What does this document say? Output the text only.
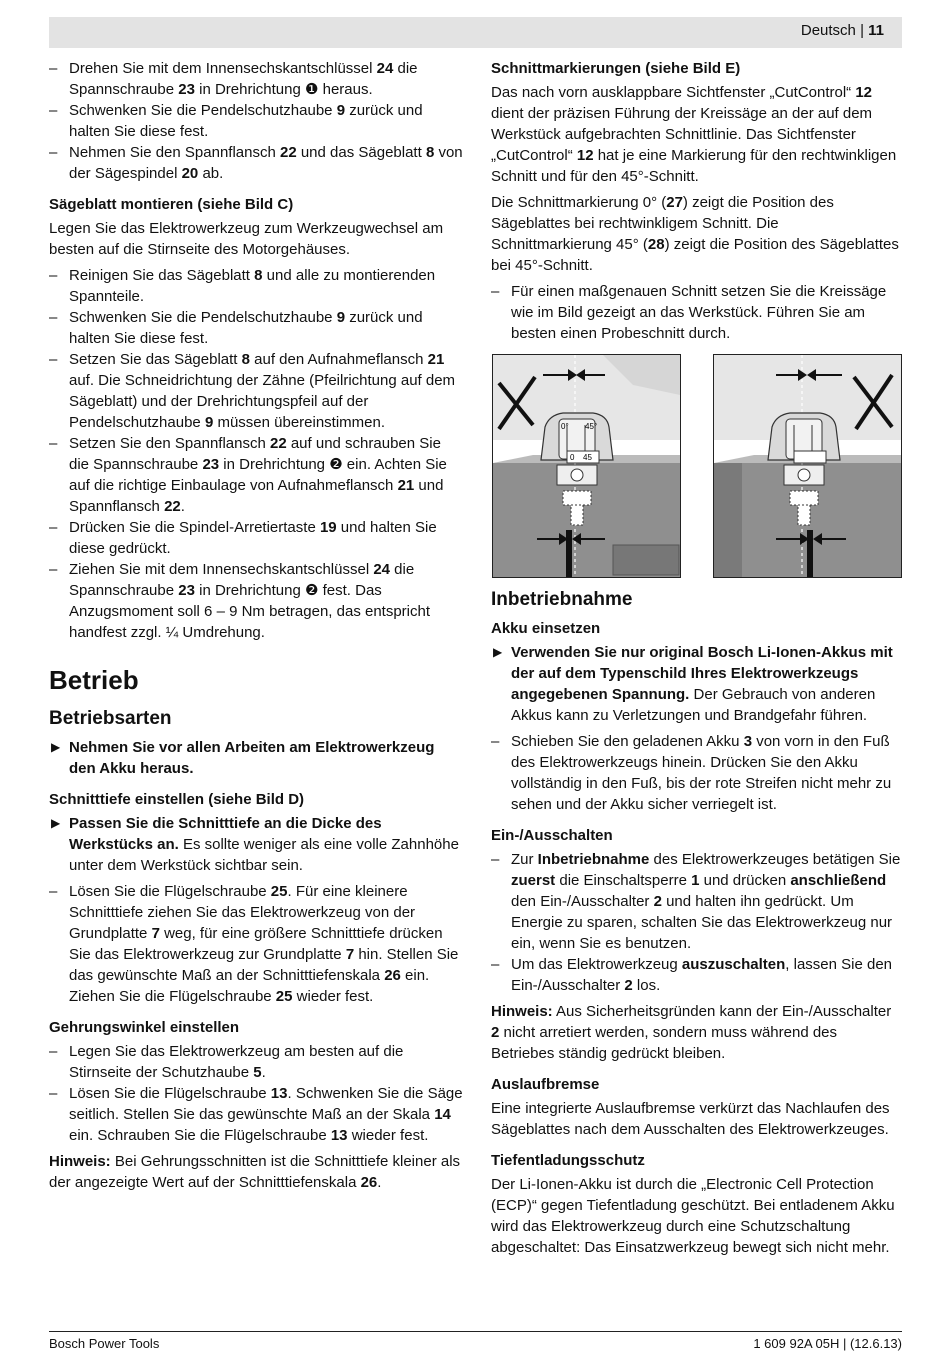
Deutsch | 11
– Drehen Sie mit dem Innensechskantschlüssel 24 die Spannschraube 23 in Drehrichtung ❶ heraus.
– Schwenken Sie die Pendelschutzhaube 9 zurück und halten Sie diese fest.
– Nehmen Sie den Spannflansch 22 und das Sägeblatt 8 von der Sägespindel 20 ab.
Sägeblatt montieren (siehe Bild C)

Legen Sie das Elektrowerkzeug zum Werkzeugwechsel am besten auf die Stirnseite des Motorgehäuses.

– Reinigen Sie das Sägeblatt 8 und alle zu montierenden Spannteile.
– Schwenken Sie die Pendelschutzhaube 9 zurück und halten Sie diese fest.
– Setzen Sie das Sägeblatt 8 auf den Aufnahmeflansch 21 auf. Die Schneidrichtung der Zähne (Pfeilrichtung auf dem Sägeblatt) und der Drehrichtungspfeil auf der Pendelschutzhaube 9 müssen übereinstimmen.
– Setzen Sie den Spannflansch 22 auf und schrauben Sie die Spannschraube 23 in Drehrichtung ❷ ein. Achten Sie auf die richtige Einbaulage von Aufnahmeflansch 21 und Spannflansch 22.
– Drücken Sie die Spindel-Arretiertaste 19 und halten Sie diese gedrückt.
– Ziehen Sie mit dem Innensechskantschlüssel 24 die Spannschraube 23 in Drehrichtung ❷ fest. Das Anzugsmoment soll 6 – 9 Nm betragen, das entspricht handfest zzgl. ¼ Umdrehung.
Betrieb
Betriebsarten
▶ Nehmen Sie vor allen Arbeiten am Elektrowerkzeug den Akku heraus.
Schnitttiefe einstellen (siehe Bild D)
▶ Passen Sie die Schnitttiefe an die Dicke des Werkstücks an. Es sollte weniger als eine volle Zahnhöhe unter dem Werkstück sichtbar sein.
– Lösen Sie die Flügelschraube 25. Für eine kleinere Schnitttiefe ziehen Sie das Elektrowerkzeug von der Grundplatte 7 weg, für eine größere Schnitttiefe drücken Sie das Elektrowerkzeug zur Grundplatte 7 hin. Stellen Sie das gewünschte Maß an der Schnitttiefenskala 26 ein. Ziehen Sie die Flügelschraube 25 wieder fest.
Gehrungswinkel einstellen
– Legen Sie das Elektrowerkzeug am besten auf die Stirnseite der Schutzhaube 5.
– Lösen Sie die Flügelschraube 13. Schwenken Sie die Säge seitlich. Stellen Sie das gewünschte Maß an der Skala 14 ein. Schrauben Sie die Flügelschraube 13 wieder fest.

Hinweis: Bei Gehrungsschnitten ist die Schnitttiefe kleiner als der angezeigte Wert auf der Schnitttiefenskala 26.

Schnittmarkierungen (siehe Bild E)

Das nach vorn ausklappbare Sichtfenster „CutControl“ 12 dient der präzisen Führung der Kreissäge an der auf dem Werkstück aufgebrachten Schnittlinie. Das Sichtfenster „CutControl“ 12 hat je eine Markierung für den rechtwinkligen Schnitt und für den 45°-Schnitt.

Die Schnittmarkierung 0° (27) zeigt die Position des Sägeblattes bei rechtwinkligem Schnitt. Die Schnittmarkierung 45° (28) zeigt die Position des Sägeblattes bei 45°-Schnitt.

– Für einen maßgenauen Schnitt setzen Sie die Kreissäge wie im Bild gezeigt an das Werkstück. Führen Sie am besten einen Probeschnitt durch.
0° 45°
0 45
Inbetriebnahme
Akku einsetzen
▶ Verwenden Sie nur original Bosch Li-Ionen-Akkus mit der auf dem Typenschild Ihres Elektrowerkzeugs angegebenen Spannung. Der Gebrauch von anderen Akkus kann zu Verletzungen und Brandgefahr führen.
– Schieben Sie den geladenen Akku 3 von vorn in den Fuß des Elektrowerkzeugs hinein. Drücken Sie den Akku vollständig in den Fuß, bis der rote Streifen nicht mehr zu sehen und der Akku sicher verriegelt ist.
Ein-/Ausschalten
– Zur Inbetriebnahme des Elektrowerkzeuges betätigen Sie zuerst die Einschaltsperre 1 und drücken anschließend den Ein-/Ausschalter 2 und halten ihn gedrückt. Um Energie zu sparen, schalten Sie das Elektrowerkzeug nur ein, wenn Sie es benutzen.
– Um das Elektrowerkzeug auszuschalten, lassen Sie den Ein-/Ausschalter 2 los.

Hinweis: Aus Sicherheitsgründen kann der Ein-/Ausschalter 2 nicht arretiert werden, sondern muss während des Betriebes ständig gedrückt bleiben.

Auslaufbremse

Eine integrierte Auslaufbremse verkürzt das Nachlaufen des Sägeblattes nach dem Ausschalten des Elektrowerkzeuges.

Tiefentladungsschutz

Der Li-Ionen-Akku ist durch die „Electronic Cell Protection (ECP)“ gegen Tiefentladung geschützt. Bei entladenem Akku wird das Elektrowerkzeug durch eine Schutzschaltung abgeschaltet: Das Einsatzwerkzeug bewegt sich nicht mehr.

Bosch Power Tools	1 609 92A 05H | (12.6.13)
